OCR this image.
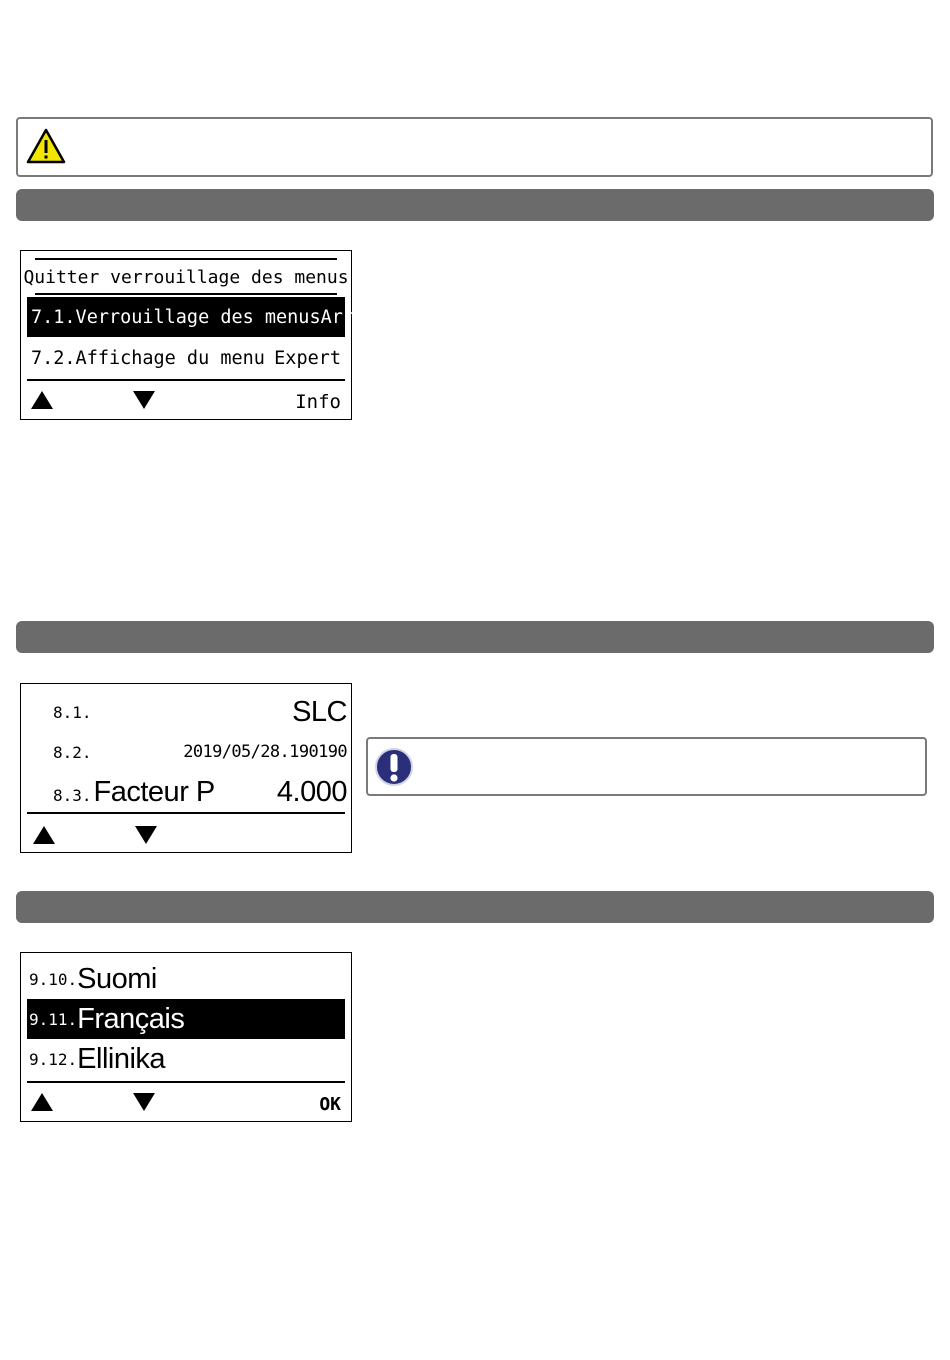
Quitter verrouillage des menus
7.1.Verrouillage des menus Arrêt
7.2.Affichage du menu Expert
Info
8.1.	SLC
8.2.	2019/05/28.190190
8.3. Facteur P 4.000
9.10. Suomi
9.11. Français
9.12. Ellinika
OK
